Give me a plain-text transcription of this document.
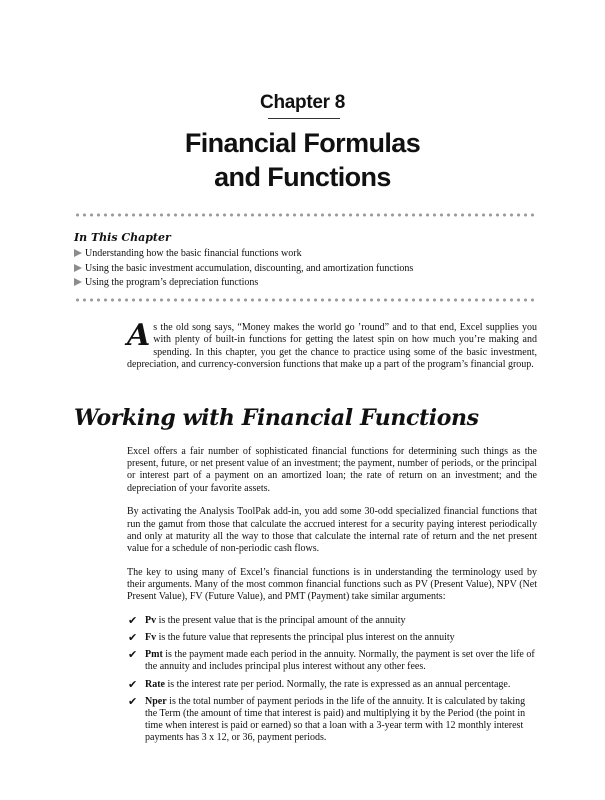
Chapter 8
Financial Formulas
and Functions
In This Chapter
Understanding how the basic financial functions work
Using the basic investment accumulation, discounting, and amortization functions
Using the program’s depreciation functions

As the old song says, “Money makes the world go ’round” and to that end, Excel supplies you with plenty of built-in functions for getting the latest spin on how much you’re making and spending. In this chapter, you get the chance to practice using some of the basic investment, depreciation, and currency-conversion functions that make up a part of the program’s financial group.

Working with Financial Functions

Excel offers a fair number of sophisticated financial functions for determining such things as the present, future, or net present value of an investment; the payment, number of periods, or the principal or interest part of a payment on an amortized loan; the rate of return on an investment; and the depreciation of your favorite assets.

By activating the Analysis ToolPak add-in, you add some 30-odd specialized financial functions that run the gamut from those that calculate the accrued interest for a security paying interest periodically and only at maturity all the way to those that calculate the internal rate of return and the net present value for a schedule of non-periodic cash flows.

The key to using many of Excel’s financial functions is in understanding the terminology used by their arguments. Many of the most common financial functions such as PV (Present Value), NPV (Net Present Value), FV (Future Value), and PMT (Payment) take similar arguments:

✔ Pv is the present value that is the principal amount of the annuity
✔ Fv is the future value that represents the principal plus interest on the annuity
✔ Pmt is the payment made each period in the annuity. Normally, the payment is set over the life of the annuity and includes principal plus interest without any other fees.
✔ Rate is the interest rate per period. Normally, the rate is expressed as an annual percentage.
✔ Nper is the total number of payment periods in the life of the annuity. It is calculated by taking the Term (the amount of time that interest is paid) and multiplying it by the Period (the point in time when interest is paid or earned) so that a loan with a 3-year term with 12 monthly interest payments has 3 x 12, or 36, payment periods.
